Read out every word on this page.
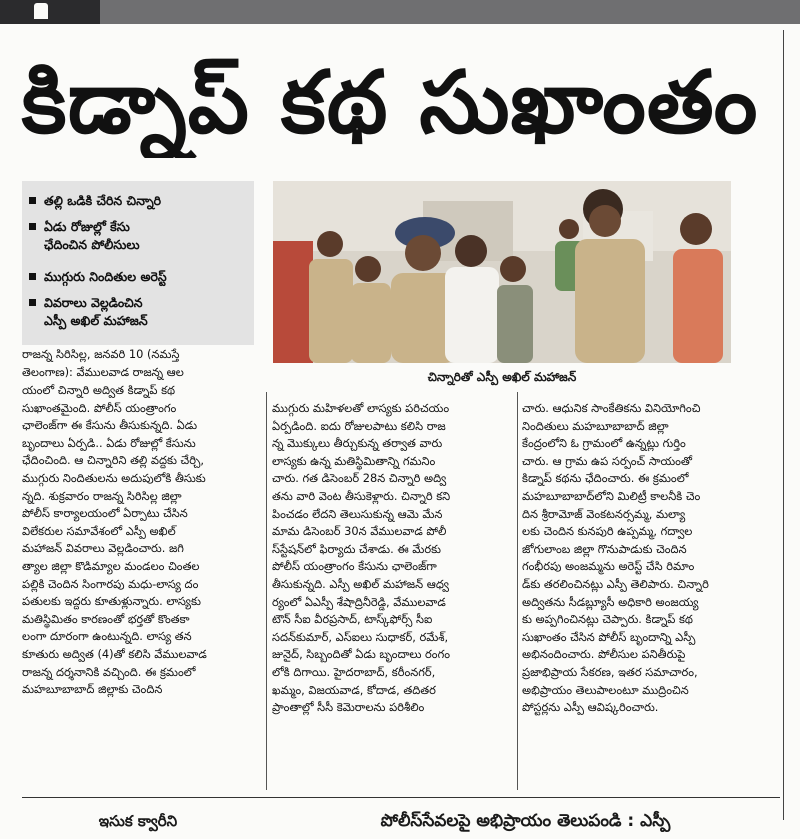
కిడ్నాప్ కథ సుఖాంతం
తల్లి ఒడికి చేరిన చిన్నారి
ఏడు రోజుల్లో కేసు
ఛేదించిన పోలీసులు
ముగ్గురు నిందితుల అరెస్ట్
వివరాలు వెల్లడించిన
ఎస్పీ అఖిల్ మహాజన్
చిన్నారితో ఎస్పీ అఖిల్ మహాజన్
రాజన్న సిరిసిల్ల, జనవరి 10 (నమస్తే
తెలంగాణ): వేములవాడ రాజన్న ఆల
యంలో చిన్నారి అద్విత కిడ్నాప్ కథ
సుఖాంతమైంది. పోలీస్ యంత్రాంగం
ఛాలెంజ్‌గా ఈ కేసును తీసుకున్నది. ఏడు
బృందాలు ఏర్పడి.. ఏడు రోజుల్లో కేసును
ఛేదించింది. ఆ చిన్నారిని తల్లి వద్దకు చేర్చి,
ముగ్గురు నిందితులను అదుపులోకి తీసుకు
న్నది. శుక్రవారం రాజన్న సిరిసిల్ల జిల్లా
పోలీస్ కార్యాలయంలో ఏర్పాటు చేసిన
విలేకరుల సమావేశంలో ఎస్పీ అఖిల్
మహాజన్ వివరాలు వెల్లడించారు. జగి
త్యాల జిల్లా కొడిమ్యాల మండలం చింతల
పల్లికి చెందిన సింగారపు మధు-లాస్య దం
పతులకు ఇద్దరు కూతుళ్లున్నారు. లాస్యకు
మతిస్థిమితం కారణంతో భర్తతో కొంతకా
లంగా దూరంగా ఉంటున్నది. లాస్య తన
కూతురు అద్విత (4)తో కలిసి వేములవాడ
రాజన్న దర్శనానికి వచ్చింది. ఈ క్రమంలో
మహబూబాబాద్ జిల్లాకు చెందిన
ముగ్గురు మహిళలతో లాస్యకు పరిచయం
ఏర్పడింది. ఐదు రోజులపాటు కలిసి రాజ
న్న మొక్కులు తీర్చుకున్న తర్వాత వారు
లాస్యకు ఉన్న మతిస్థిమితాన్ని గమనిం
చారు. గత డిసెంబర్ 28న చిన్నారి అద్వి
తను వారి వెంట తీసుకెళ్లారు. చిన్నారి కని
పించడం లేదని తెలుసుకున్న ఆమె మేన
మామ డిసెంబర్ 30న వేములవాడ పోలీ
స్‌స్టేషన్‌లో ఫిర్యాదు చేశాడు. ఈ మేరకు
పోలీస్ యంత్రాంగం కేసును ఛాలెంజ్‌గా
తీసుకున్నది. ఎస్పీ అఖిల్ మహాజన్ ఆధ్వ
ర్యంలో ఏఎస్పీ శేషాద్రినీరెడ్డి, వేములవాడ
టౌన్ సీఐ వీరప్రసాద్, టాస్క్‌ఫోర్స్ సీఐ
సదన్‌కుమార్, ఎస్‌ఐలు సుధాకర్, రమేశ్,
జునైద్, సిబ్బందితో ఏడు బృందాలు రంగం
లోకి దిగాయి. హైదరాబాద్, కరీంనగర్,
ఖమ్మం, విజయవాడ, కోదాడ, తదితర
ప్రాంతాల్లో సీసీ కెమెరాలను పరిశీలిం
చారు. ఆధునిక సాంకేతికను వినియోగించి
నిందితులు మహబూబాబాద్ జిల్లా
కేంద్రంలోని ఓ గ్రామంలో ఉన్నట్లు గుర్తిం
చారు. ఆ గ్రామ ఉప సర్పంచ్ సాయంతో
కిడ్నాప్ కథను ఛేదించారు. ఈ క్రమంలో
మహబూబాబాద్‌లోని మిలిట్రీ కాలనీకి చెం
దిన శ్రీరామోజ్ వెంకటనర్సమ్మ, మల్యా
లకు చెందిన కునపురి ఉప్పమ్మ, గద్వాల
జోగులాంబ జిల్లా గొనుపాడుకు చెందిన
గంభీరపు అంజమ్మను అరెస్ట్ చేసి రిమాం
డ్‌కు తరలించినట్లు ఎస్పీ తెలిపారు. చిన్నారి
అద్వితను సీడబ్ల్యూసీ అధికారి అంజయ్య
కు అప్పగించినట్లు చెప్పారు. కిడ్నాప్ కథ
సుఖాంతం చేసిన పోలీస్ బృందాన్ని ఎస్పీ
అభినందించారు. పోలీసుల పనితీరుపై
ప్రజాభిప్రాయ సేకరణ, ఇతర సమాచారం,
అభిప్రాయం తెలుపాలంటూ ముద్రించిన
పోస్టర్లను ఎస్పీ ఆవిష్కరించారు.
ఇసుక క్వారీని	పోలీస్‌సేవలపై అభిప్రాయం తెలుపండి : ఎస్పీ
